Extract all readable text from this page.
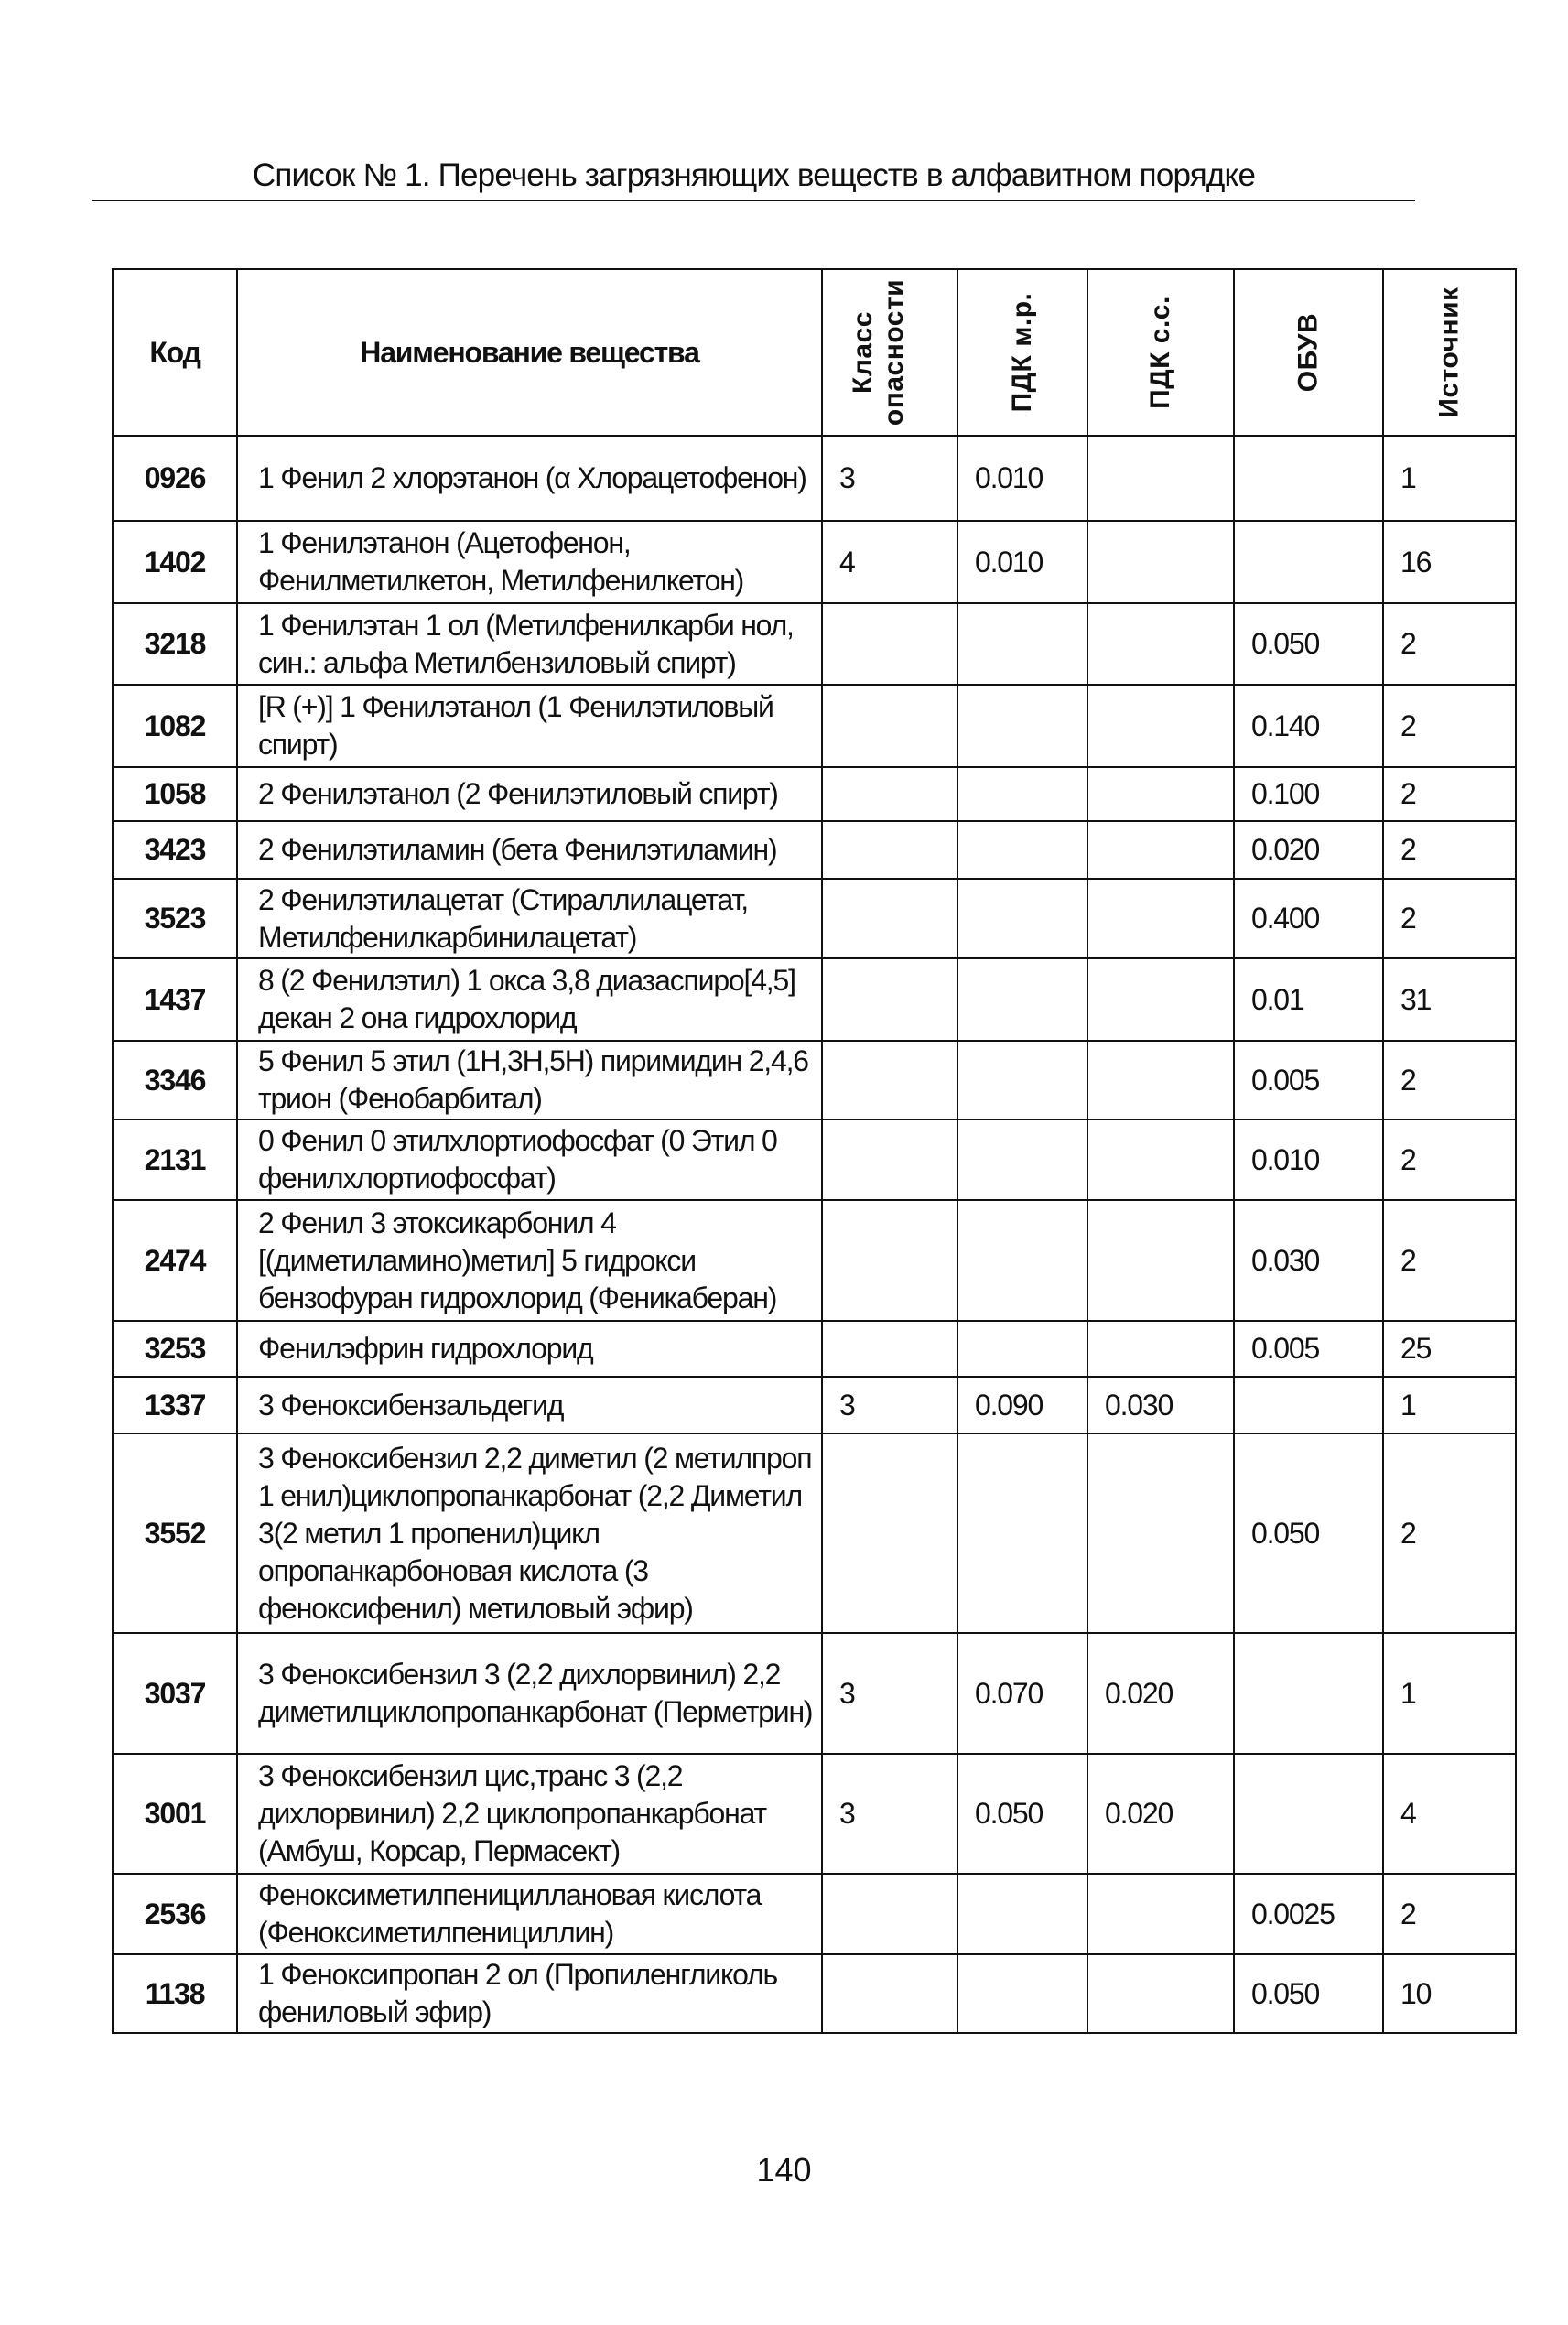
Список № 1. Перечень загрязняющих веществ в алфавитном порядке
Код	Наименование вещества	Класс опасности	ПДК м.р.	ПДК с.с.	ОБУВ	Источник

0926	1 Фенил 2 хлорэтанон (α Хлорацетофенон)	3	0.010			1
1402	1 Фенилэтанон (Ацетофенон, Фенилметилкетон, Метилфенилкетон)	4	0.010			16
3218	1 Фенилэтан 1 ол (Метилфенилкарби нол, син.: альфа Метилбензиловый спирт)				0.050	2
1082	[R (+)] 1 Фенилэтанол (1 Фенилэтиловый спирт)				0.140	2
1058	2 Фенилэтанол (2 Фенилэтиловый спирт)				0.100	2
3423	2 Фенилэтиламин (бета Фенилэтиламин)				0.020	2
3523	2 Фенилэтилацетат (Стираллилацетат, Метилфенилкарбинилацетат)				0.400	2
1437	8 (2 Фенилэтил) 1 окса 3,8 диазаспиро[4,5] декан 2 она гидрохлорид				0.01	31
3346	5 Фенил 5 этил (1H,3H,5H) пиримидин 2,4,6 трион (Фенобарбитал)				0.005	2
2131	0 Фенил 0 этилхлортиофосфат (0 Этил 0 фенилхлортиофосфат)				0.010	2
2474	2 Фенил 3 этоксикарбонил 4 [(диметиламино)метил] 5 гидрокси бензофуран гидрохлорид (Феникаберан)				0.030	2
3253	Фенилэфрин гидрохлорид				0.005	25
1337	3 Феноксибензальдегид	3	0.090	0.030		1
3552	3 Феноксибензил 2,2 диметил (2 метилпроп 1 енил)циклопропанкарбонат (2,2 Диметил 3(2 метил 1 пропенил)цикл опропанкарбоновая кислота (3 феноксифенил) метиловый эфир)				0.050	2
3037	3 Феноксибензил 3 (2,2 дихлорвинил) 2,2 диметилциклопропанкарбонат (Перметрин)	3	0.070	0.020		1
3001	3 Феноксибензил цис,транс 3 (2,2 дихлорвинил) 2,2 циклопропанкарбонат (Амбуш, Корсар, Пермасект)	3	0.050	0.020		4
2536	Феноксиметилпенициллановая кислота (Феноксиметилпенициллин)				0.0025	2
1138	1 Феноксипропан 2 ол (Пропиленгликоль фениловый эфир)				0.050	10
140
